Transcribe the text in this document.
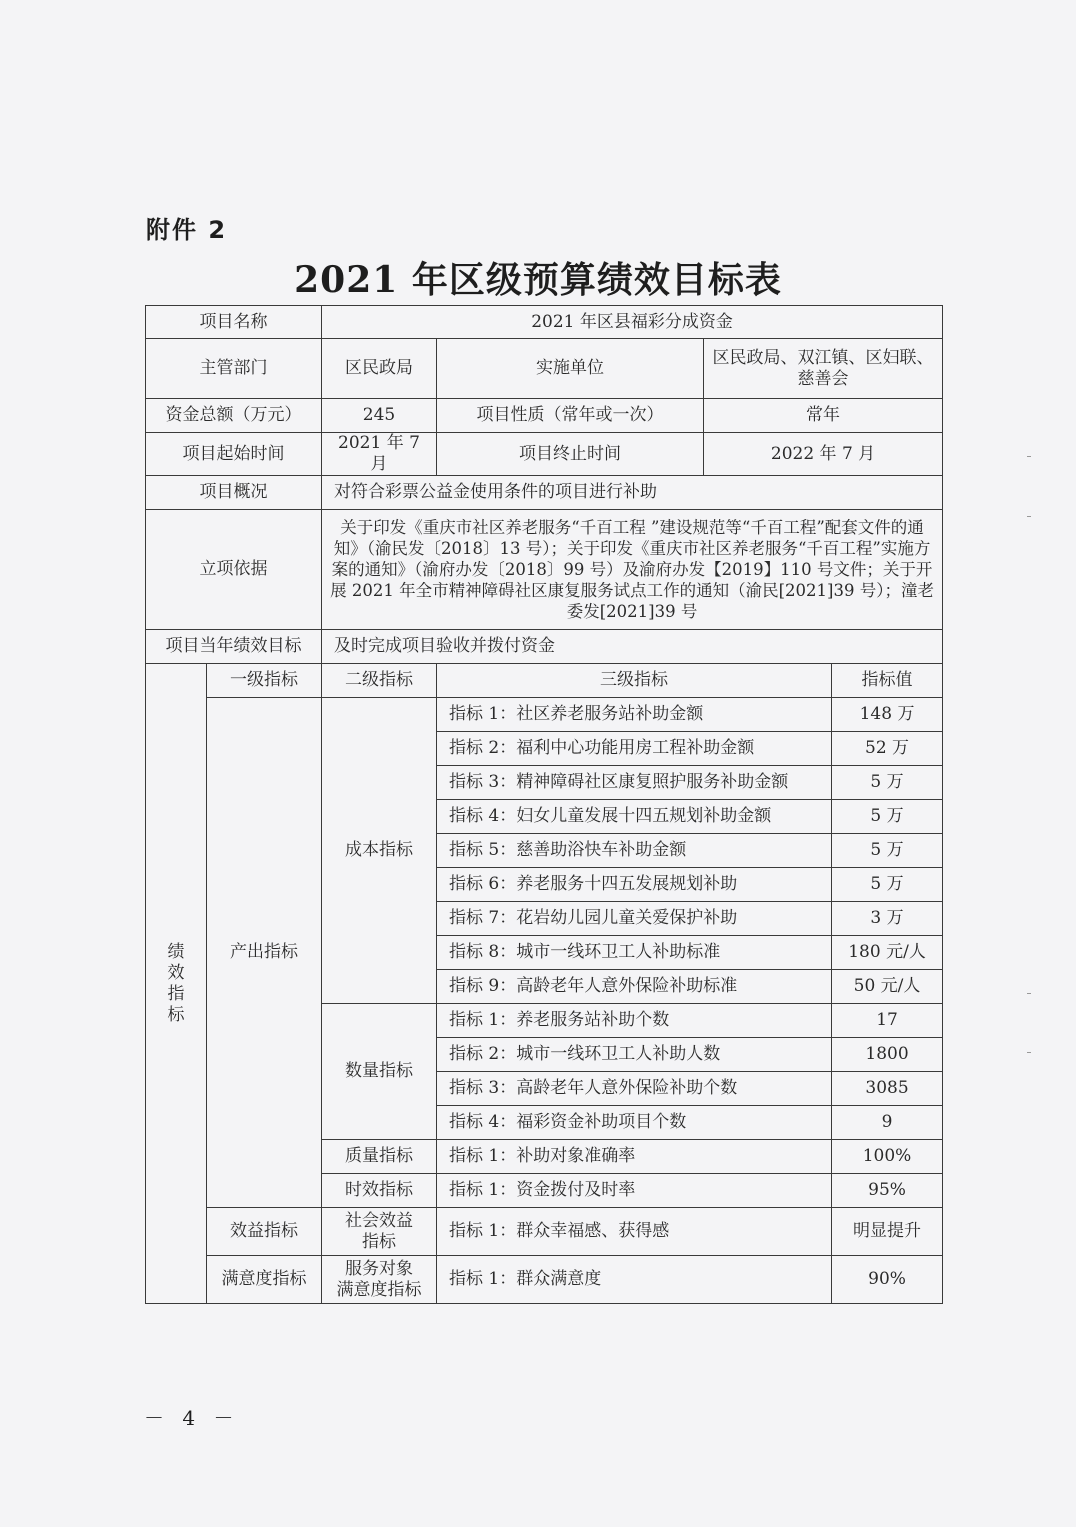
附件 2
2021 年区级预算绩效目标表
项目名称		2021 年区县福彩分成资金			
主管部门		区民政局	实施单位	区民政局、双江镇、区妇联、
慈善会	

资金总额（万元）		245	项目性质（常年或一次）	常年	
项目起始时间		2021 年 7 月	项目终止时间	2022 年 7 月	
项目概况		对符合彩票公益金使用条件的项目进行补助			
立项依据		关于印发《重庆市社区养老服务“千百工程 ”建设规范等“千百工程”配套文件的通知》（渝民发〔2018〕13 号）；关于印发《重庆市社区养老服务“千百工程”实施方案的通知》（渝府办发〔2018〕99 号）及渝府办发【2019】110 号文件；关于开展 2021 年全市精神障碍社区康复服务试点工作的通知（渝民[2021]39 号）；潼老委发[2021]39 号			
项目当年绩效目标		及时完成项目验收并拨付资金			

绩
效
指
标	一级指标	二级指标	三级指标		指标值
	产出指标	成本指标	指标 1：社区养老服务站补助金额		148 万
			指标 2：福利中心功能用房工程补助金额		52 万
			指标 3：精神障碍社区康复照护服务补助金额		5 万
			指标 4：妇女儿童发展十四五规划补助金额		5 万
			指标 5：慈善助浴快车补助金额		5 万
			指标 6：养老服务十四五发展规划补助		5 万
			指标 7：花岩幼儿园儿童关爱保护补助		3 万
			指标 8：城市一线环卫工人补助标准		180 元/人
			指标 9：高龄老年人意外保险补助标准		50 元/人
		数量指标	指标 1：养老服务站补助个数		17
			指标 2：城市一线环卫工人补助人数		1800
			指标 3：高龄老年人意外保险补助个数		3085
			指标 4：福彩资金补助项目个数		9
		质量指标	指标 1：补助对象准确率		100%
		时效指标	指标 1：资金拨付及时率		95%
	效益指标	社会效益
指标	指标 1：群众幸福感、获得感		明显提升
	满意度指标	服务对象
满意度指标	指标 1：群众满意度		90%
－ 4 －
